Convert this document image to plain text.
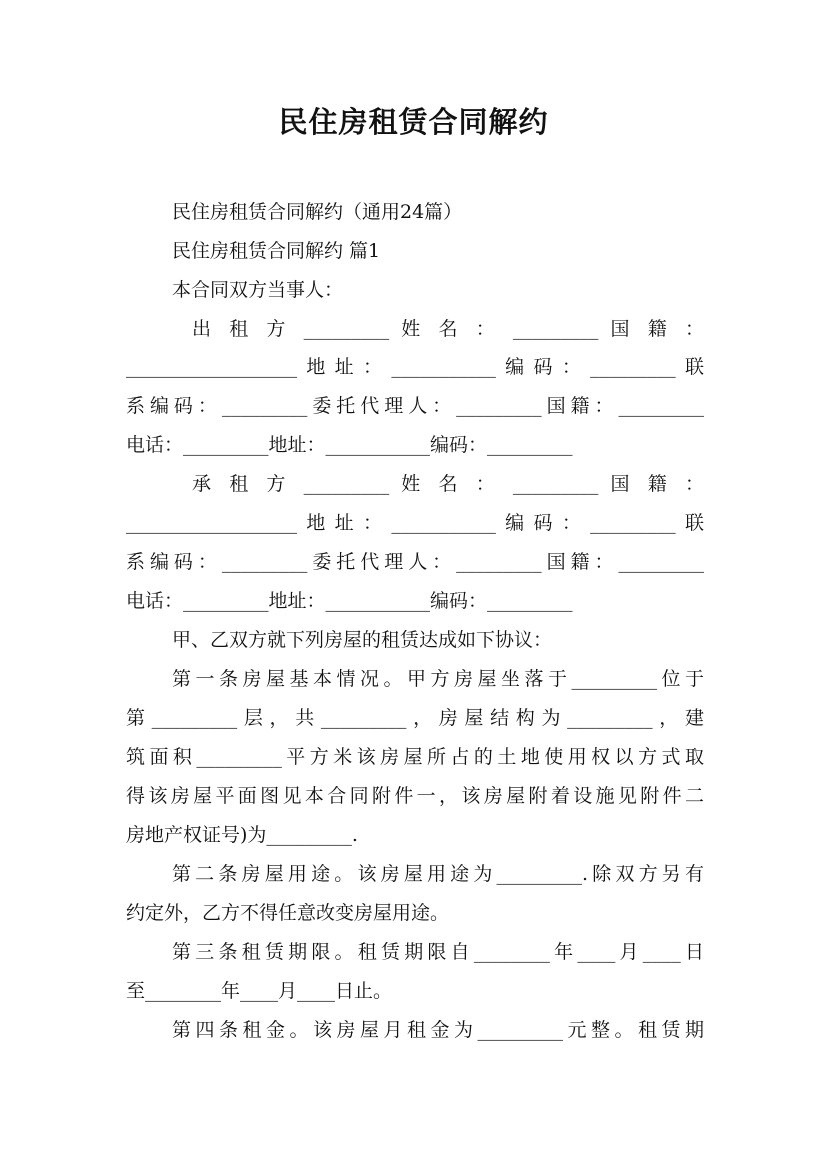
民住房租赁合同解约
民住房租赁合同解约（通用24篇）
民住房租赁合同解约 篇1
本合同双方当事人：
出 租 方 _________ 姓 名 ： _________ 国 籍 ：
__________________地址：___________编码：_________联
系编码：_________委托代理人：_________国籍：_________
电话：_________地址：___________编码：_________
承 租 方 _________ 姓 名 ： _________ 国 籍 ：
__________________地址：___________编码：_________联
系编码：_________委托代理人：_________国籍：_________
电话：_________地址：___________编码：_________
甲、乙双方就下列房屋的租赁达成如下协议：
第一条房屋基本情况。甲方房屋坐落于_________位于
第_________层，共_________，房屋结构为_________，建
筑面积_________平方米该房屋所占的土地使用权以方式取
得该房屋平面图见本合同附件一，该房屋附着设施见附件二
房地产权证号)为_________.
第二条房屋用途。该房屋用途为_________.除双方另有
约定外，乙方不得任意改变房屋用途。
第三条租赁期限。租赁期限自________年____月____日
至________年____月____日止。
第四条租金。该房屋月租金为_________元整。租赁期
